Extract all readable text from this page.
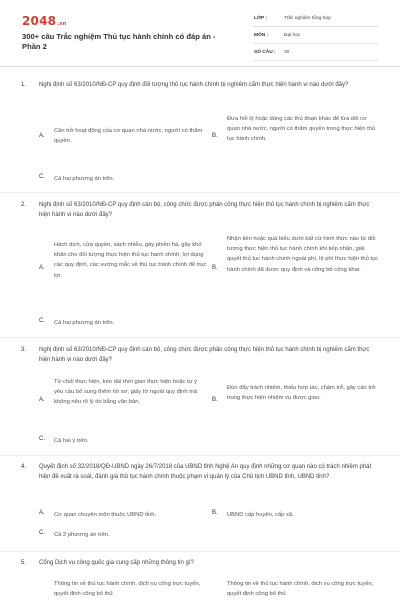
2048.vn
300+ câu Trắc nghiệm Thủ tục hành chính có đáp án - Phần 2
LỚP :	Trắc nghiệm tổng hợp
MÔN :	Đại học
SỐ CÂU : 30
1. Nghị định số 63/2010/NĐ-CP quy định đối tượng thủ tục hành chính bị nghiêm cấm thực hiện hành vi nào dưới đây?
A.
Cản trở hoạt động của cơ quan nhà nước, người có thẩm quyền.
B.
Đưa hối lộ hoặc dùng các thủ đoạn khác để lừa dối cơ quan nhà nước, người có thẩm quyền trong thực hiện thủ tục hành chính.
C. Cả hai phương án trên.
2. Nghị định số 63/2010/NĐ-CP quy định cán bộ, công chức được phân công thực hiện thủ tục hành chính bị nghiêm cấm thực hiện hành vi nào dưới đây?
A.
Hách dịch, cửa quyền, sách nhiễu, gây phiền hà, gây khó khăn cho đối tượng thực hiện thủ tục hành chính; lợi dụng các quy định, các vướng mắc về thủ tục hành chính để trục lợi.
B.
Nhận tiền hoặc quà biếu dưới bất cứ hình thức nào từ đối tượng thực hiện thủ tục hành chính khi tiếp nhận, giải quyết thủ tục hành chính ngoài phí, lệ phí thực hiện thủ tục hành chính đã được quy định và công bố công khai.
C. Cả hai phương án trên.
3. Nghị định số 63/2010/NĐ-CP quy định cán bộ, công chức được phân công thực hiện thủ tục hành chính bị nghiêm cấm thực hiện hành vi nào dưới đây?
A.
Từ chối thực hiện, kéo dài thời gian thực hiện hoặc tự ý yêu cầu bổ sung thêm hồ sơ, giấy tờ ngoài quy định mà không nêu rõ lý do bằng văn bản.	B.
Đùn đẩy trách nhiệm, thiếu hợp tác, chậm trễ, gây cản trở trong thực hiện nhiệm vụ được giao.
C. Cả hai ý trên.
4. Quyết định số 32/2018/QĐ-UBND ngày 26/7/2018 của UBND tỉnh Nghệ An quy định những cơ quan nào có trách nhiệm phát hiện đề xuất rà soát, đánh giá thủ tục hành chính thuộc phạm vi quản lý của Chủ tịch UBND tỉnh, UBND tỉnh?
A. Cơ quan chuyên môn thuộc UBND tỉnh.	B. UBND cấp huyện, cấp xã.
C. Cả 2 phương án trên.
5. Cổng Dịch vụ công quốc gia cung cấp những thông tin gì?
Thông tin về thủ tục hành chính, dịch vụ công trực tuyến, quyết định công bố thủ
Thông tin về thủ tục hành chính, dịch vụ công trực tuyến, quyết định công bố thủ
